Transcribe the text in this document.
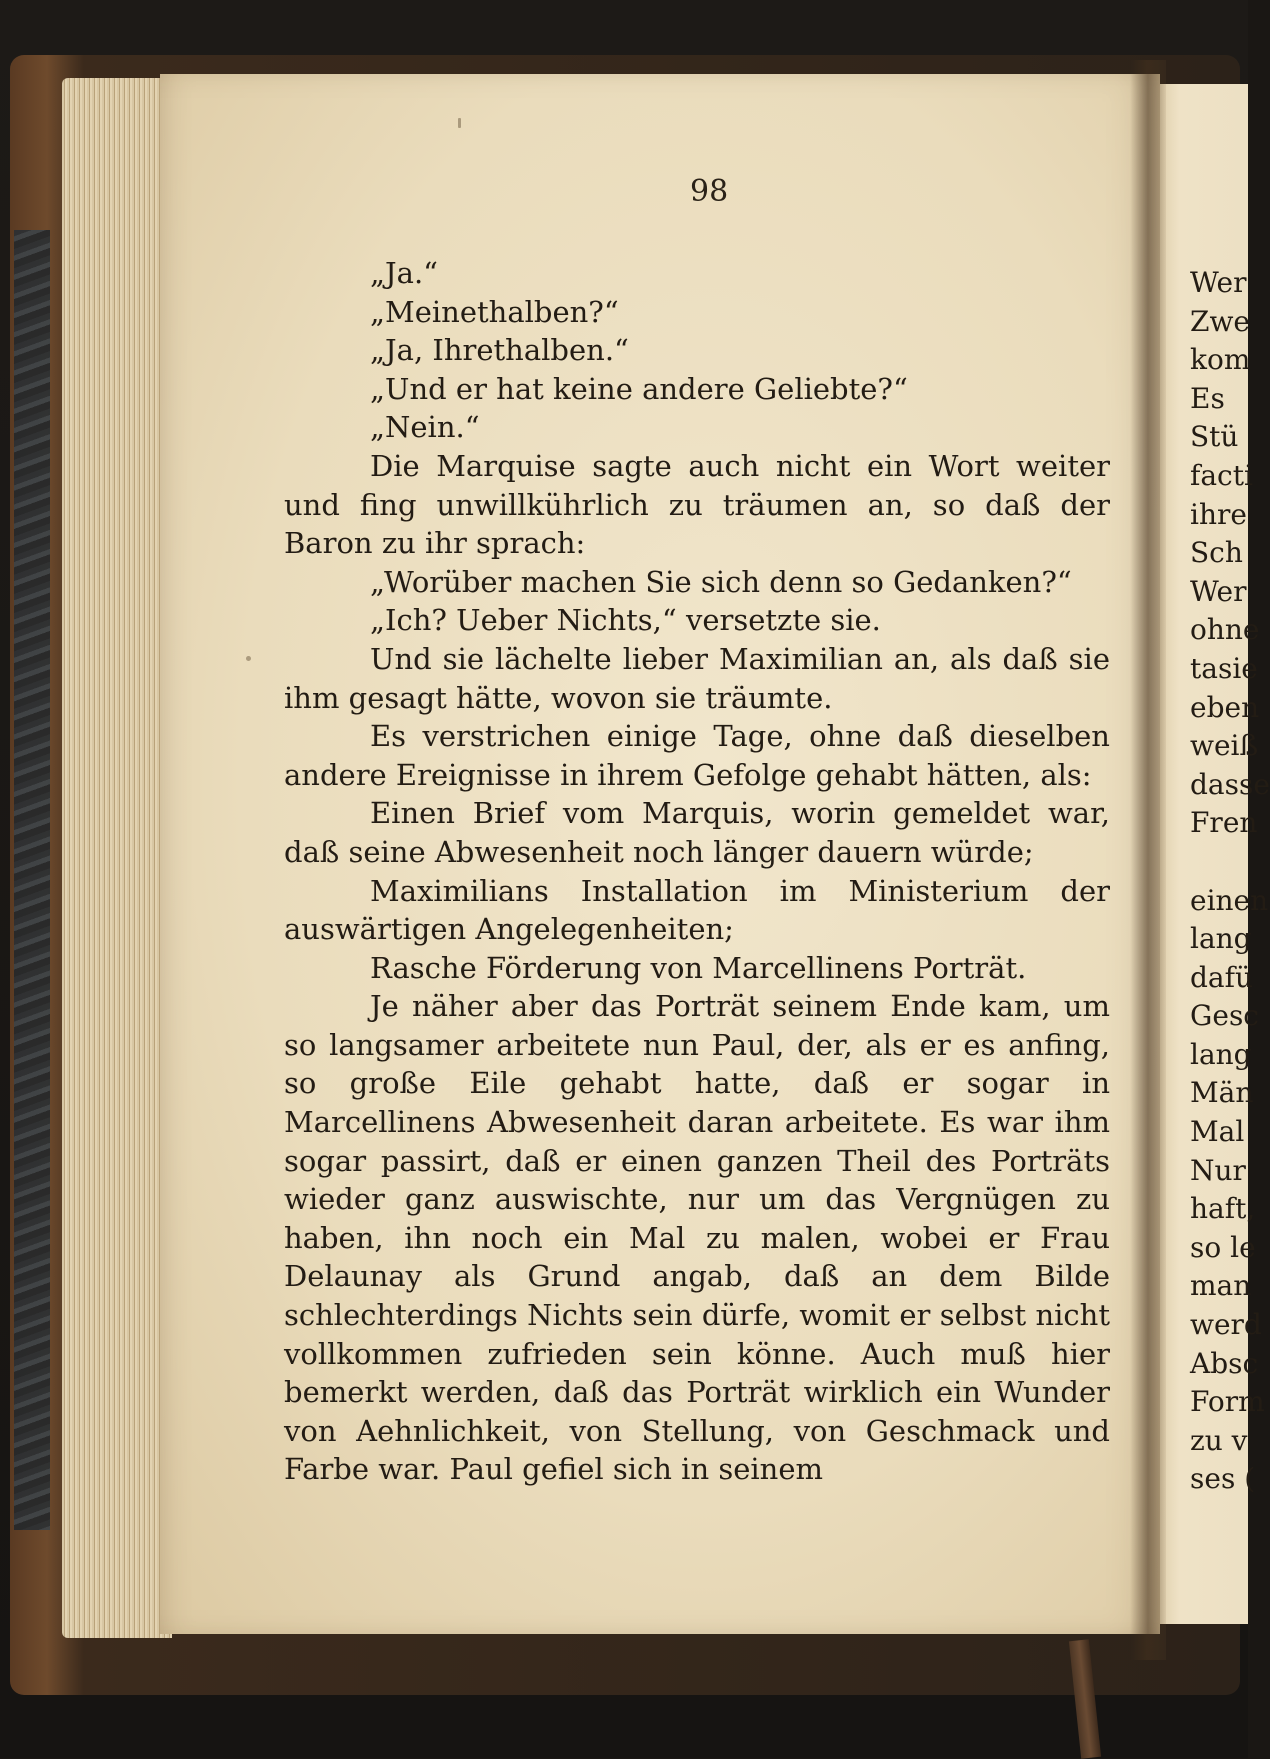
98

„Ja.“

„Meinethalben?“

„Ja, Ihrethalben.“

„Und er hat keine andere Geliebte?“

„Nein.“

Die Marquise sagte auch nicht ein Wort weiter und fing unwillkührlich zu träumen an, so daß der Baron zu ihr sprach:

„Worüber machen Sie sich denn so Gedanken?“

„Ich? Ueber Nichts,“ versetzte sie.

Und sie lächelte lieber Maximilian an, als daß sie ihm gesagt hätte, wovon sie träumte.

Es verstrichen einige Tage, ohne daß dieselben andere Ereignisse in ihrem Gefolge gehabt hätten, als:

Einen Brief vom Marquis, worin gemeldet war, daß seine Abwesenheit noch länger dauern würde;

Maximilians Installation im Ministerium der auswärtigen Angelegenheiten;

Rasche Förderung von Marcellinens Porträt.

Je näher aber das Porträt seinem Ende kam, um so langsamer arbeitete nun Paul, der, als er es anfing, so große Eile gehabt hatte, daß er sogar in Marcellinens Abwesenheit daran arbeitete. Es war ihm sogar passirt, daß er einen ganzen Theil des Porträts wieder ganz auswischte, nur um das Vergnügen zu haben, ihn noch ein Mal zu malen, wobei er Frau Delaunay als Grund angab, daß an dem Bilde schlechterdings Nichts sein dürfe, womit er selbst nicht vollkommen zufrieden sein könne. Auch muß hier bemerkt werden, daß das Porträt wirklich ein Wunder von Aehnlichkeit, von Stellung, von Geschmack und Farbe war. Paul gefiel sich in seinem

Wer
Zwe
kom
Es
Stü
facti
ihre
Sch
Wer
ohne
tasie
eben
weiß
dasse
Fren
einen
lang
dafü
Gesc
lang
Män
Mal
Nur
haft,
so le
man
werd
Absc
Form
zu v
ses (
